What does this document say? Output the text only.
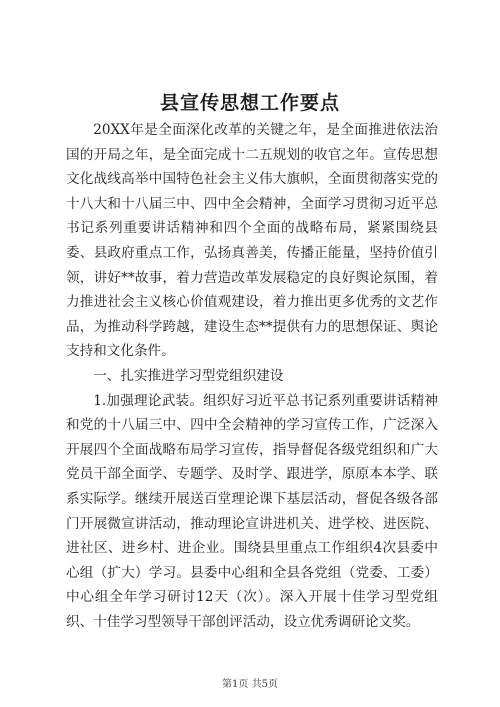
县宣传思想工作要点

20XX年是全面深化改革的关键之年，是全面推进依法治国的开局之年，是全面完成十二五规划的收官之年。宣传思想文化战线高举中国特色社会主义伟大旗帜，全面贯彻落实党的十八大和十八届三中、四中全会精神，全面学习贯彻习近平总书记系列重要讲话精神和四个全面的战略布局，紧紧围绕县委、县政府重点工作，弘扬真善美，传播正能量，坚持价值引领，讲好**故事，着力营造改革发展稳定的良好舆论氛围，着力推进社会主义核心价值观建设，着力推出更多优秀的文艺作品，为推动科学跨越，建设生态**提供有力的思想保证、舆论支持和文化条件。

一、扎实推进学习型党组织建设

1.加强理论武装。组织好习近平总书记系列重要讲话精神和党的十八届三中、四中全会精神的学习宣传工作，广泛深入开展四个全面战略布局学习宣传，指导督促各级党组织和广大党员干部全面学、专题学、及时学、跟进学，原原本本学、联系实际学。继续开展送百堂理论课下基层活动，督促各级各部门开展微宣讲活动，推动理论宣讲进机关、进学校、进医院、进社区、进乡村、进企业。围绕县里重点工作组织4次县委中心组（扩大）学习。县委中心组和全县各党组（党委、工委）中心组全年学习研讨12天（次）。深入开展十佳学习型党组织、十佳学习型领导干部创评活动，设立优秀调研论文奖。

第1页 共5页
